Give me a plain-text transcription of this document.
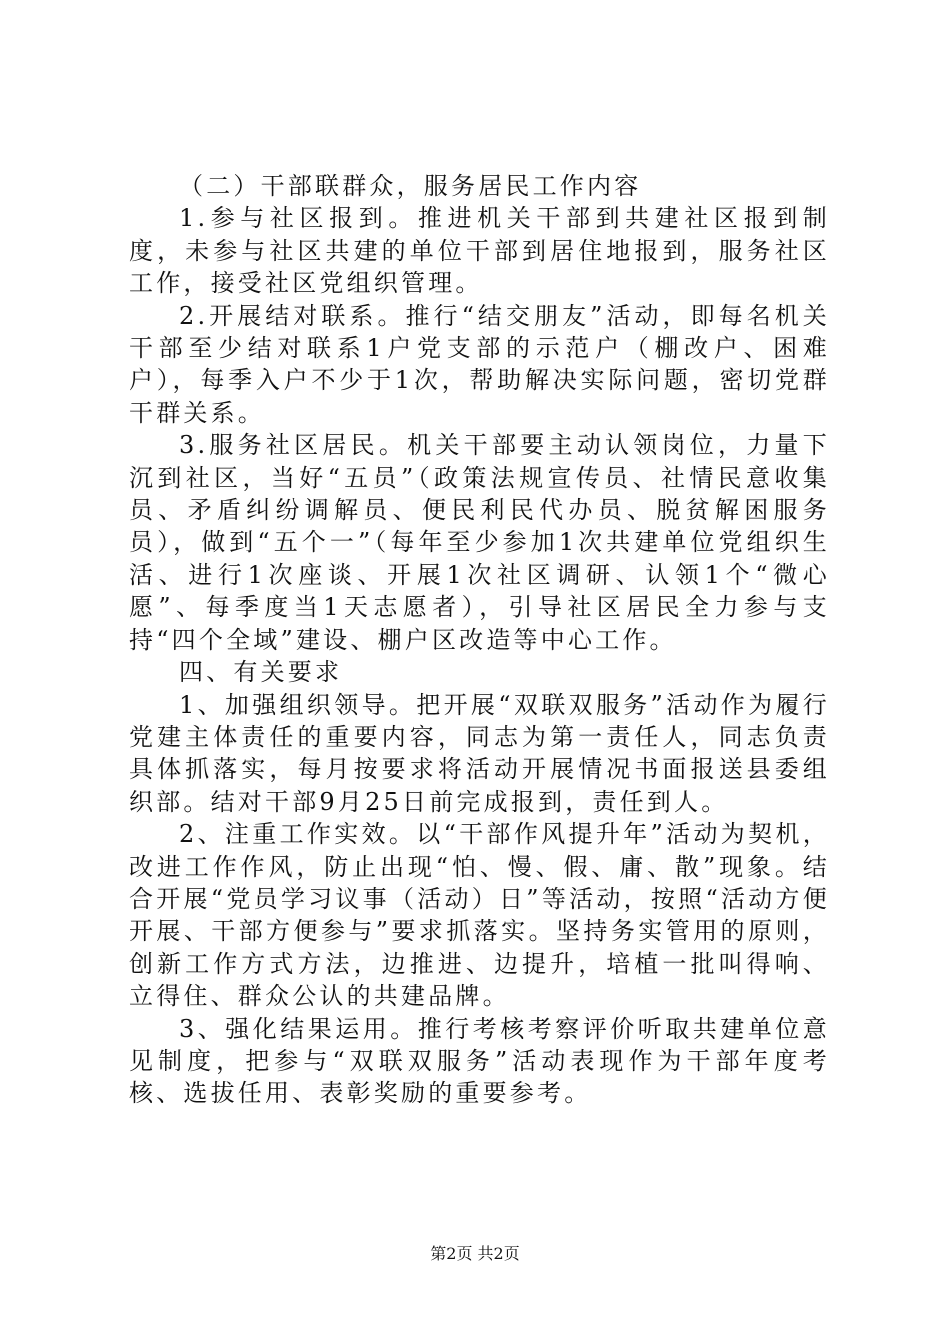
（二）干部联群众，服务居民工作内容

1.参与社区报到。推进机关干部到共建社区报到制度，未参与社区共建的单位干部到居住地报到，服务社区工作，接受社区党组织管理。

2.开展结对联系。推行“结交朋友”活动，即每名机关干部至少结对联系1户党支部的示范户（棚改户、困难户），每季入户不少于1次，帮助解决实际问题，密切党群干群关系。

3.服务社区居民。机关干部要主动认领岗位，力量下沉到社区，当好“五员”（政策法规宣传员、社情民意收集员、矛盾纠纷调解员、便民利民代办员、脱贫解困服务员），做到“五个一”（每年至少参加1次共建单位党组织生活、进行1次座谈、开展1次社区调研、认领1个“微心愿”、每季度当1天志愿者），引导社区居民全力参与支持“四个全域”建设、棚户区改造等中心工作。

四、有关要求

1、加强组织领导。把开展“双联双服务”活动作为履行党建主体责任的重要内容，同志为第一责任人，同志负责具体抓落实，每月按要求将活动开展情况书面报送县委组织部。结对干部9月25日前完成报到，责任到人。

2、注重工作实效。以“干部作风提升年”活动为契机，改进工作作风，防止出现“怕、慢、假、庸、散”现象。结合开展“党员学习议事（活动）日”等活动，按照“活动方便开展、干部方便参与”要求抓落实。坚持务实管用的原则，创新工作方式方法，边推进、边提升，培植一批叫得响、立得住、群众公认的共建品牌。

3、强化结果运用。推行考核考察评价听取共建单位意见制度，把参与“双联双服务”活动表现作为干部年度考核、选拔任用、表彰奖励的重要参考。

第2页 共2页
